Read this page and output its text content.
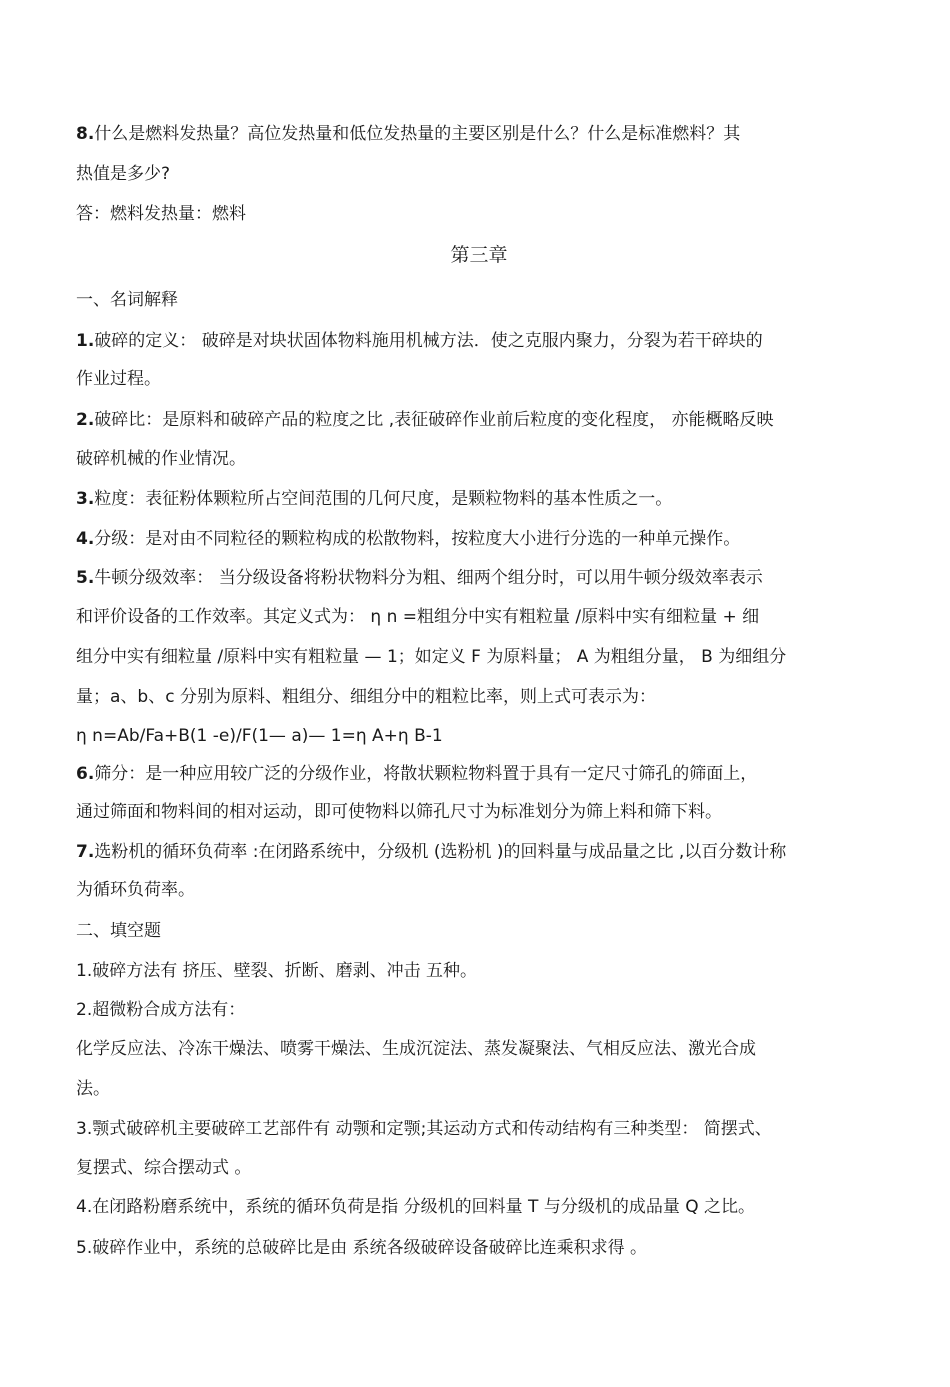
8.什么是燃料发热量？高位发热量和低位发热量的主要区别是什么？什么是标准燃料？其
热值是多少?
答：燃料发热量：燃料
第三章
一、名词解释
1.破碎的定义： 破碎是对块状固体物料施用机械方法．使之克服内聚力，分裂为若干碎块的
作业过程。
2.破碎比：是原料和破碎产品的粒度之比 ,表征破碎作业前后粒度的变化程度， 亦能概略反映
破碎机械的作业情况。
3.粒度：表征粉体颗粒所占空间范围的几何尺度，是颗粒物料的基本性质之一。
4.分级：是对由不同粒径的颗粒构成的松散物料，按粒度大小进行分选的一种单元操作。
5.牛顿分级效率： 当分级设备将粉状物料分为粗、细两个组分时，可以用牛顿分级效率表示
和评价设备的工作效率。其定义式为： η n =粗组分中实有粗粒量 /原料中实有细粒量 + 细
组分中实有细粒量 /原料中实有粗粒量 — 1；如定义 F 为原料量； A 为粗组分量， B 为细组分
量；a、b、c 分别为原料、粗组分、细组分中的粗粒比率，则上式可表示为：
η n=Ab/Fa+B(1 -e)/F(1— a)— 1=η A+η B-1
6.筛分：是一种应用较广泛的分级作业，将散状颗粒物料置于具有一定尺寸筛孔的筛面上，
通过筛面和物料间的相对运动，即可使物料以筛孔尺寸为标准划分为筛上料和筛下料。
7.选粉机的循环负荷率 :在闭路系统中，分级机 (选粉机 )的回料量与成品量之比 ,以百分数计称
为循环负荷率。
二、填空题
1.破碎方法有 挤压、壁裂、折断、磨剥、冲击 五种。
2.超微粉合成方法有：
化学反应法、冷冻干燥法、喷雾干燥法、生成沉淀法、蒸发凝聚法、气相反应法、激光合成
法。
3.颚式破碎机主要破碎工艺部件有 动颚和定颚;其运动方式和传动结构有三种类型： 简摆式、
复摆式、综合摆动式 。
4.在闭路粉磨系统中，系统的循环负荷是指 分级机的回料量 T 与分级机的成品量 Q 之比。
5.破碎作业中，系统的总破碎比是由 系统各级破碎设备破碎比连乘积求得 。
